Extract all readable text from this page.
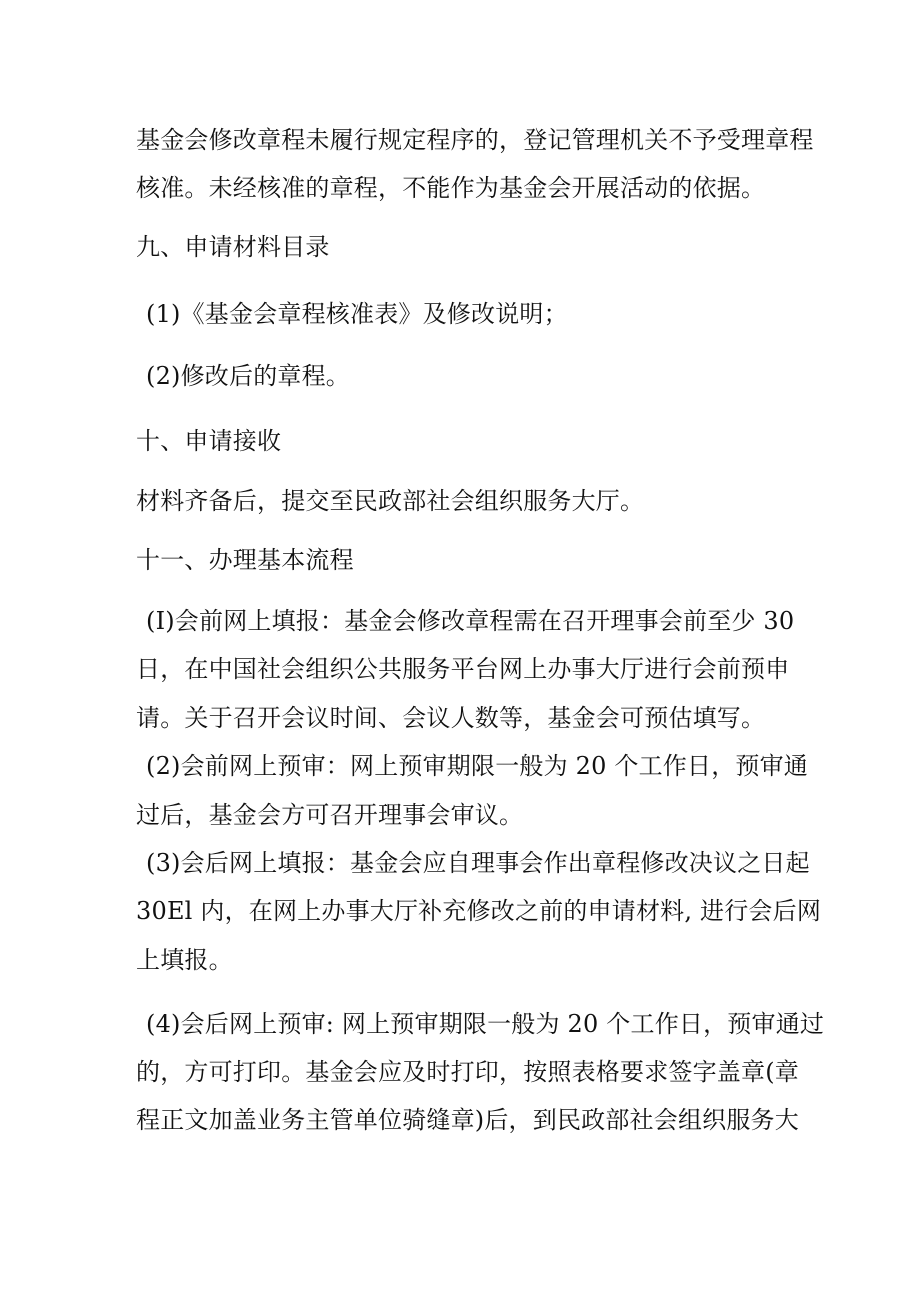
基金会修改章程未履行规定程序的，登记管理机关不予受理章程
核准。未经核准的章程，不能作为基金会开展活动的依据。
九、申请材料目录
(1)《基金会章程核准表》及修改说明；
(2)修改后的章程。
十、申请接收
材料齐备后，提交至民政部社会组织服务大厅。
十一、办理基本流程
(I)会前网上填报：基金会修改章程需在召开理事会前至少 30
日，在中国社会组织公共服务平台网上办事大厅进行会前预申
请。关于召开会议时间、会议人数等，基金会可预估填写。
(2)会前网上预审：网上预审期限一般为 20 个工作日，预审通
过后，基金会方可召开理事会审议。
(3)会后网上填报：基金会应自理事会作出章程修改决议之日起
30El 内，在网上办事大厅补充修改之前的申请材料, 进行会后网
上填报。
(4)会后网上预审: 网上预审期限一般为 20 个工作日，预审通过
的，方可打印。基金会应及时打印，按照表格要求签字盖章(章
程正文加盖业务主管单位骑缝章)后，到民政部社会组织服务大
